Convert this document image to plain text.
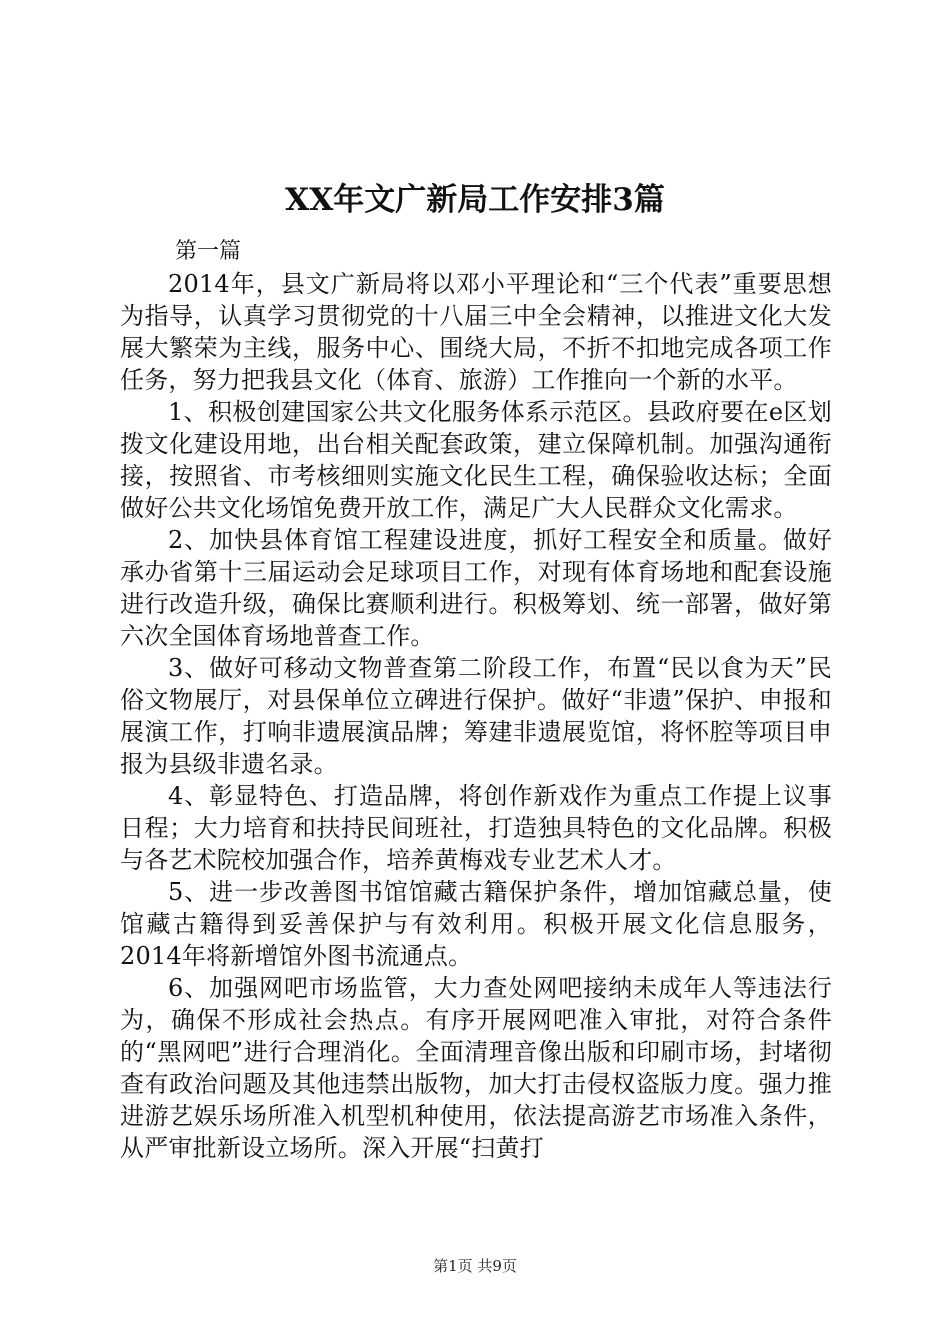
XX年文广新局工作安排3篇

第一篇

2014年，县文广新局将以邓小平理论和“三个代表”重要思想为指导，认真学习贯彻党的十八届三中全会精神，以推进文化大发展大繁荣为主线，服务中心、围绕大局，不折不扣地完成各项工作任务，努力把我县文化（体育、旅游）工作推向一个新的水平。

1、积极创建国家公共文化服务体系示范区。县政府要在e区划拨文化建设用地，出台相关配套政策，建立保障机制。加强沟通衔接，按照省、市考核细则实施文化民生工程，确保验收达标；全面做好公共文化场馆免费开放工作，满足广大人民群众文化需求。

2、加快县体育馆工程建设进度，抓好工程安全和质量。做好承办省第十三届运动会足球项目工作，对现有体育场地和配套设施进行改造升级，确保比赛顺利进行。积极筹划、统一部署，做好第六次全国体育场地普查工作。

3、做好可移动文物普查第二阶段工作，布置“民以食为天”民俗文物展厅，对县保单位立碑进行保护。做好“非遗”保护、申报和展演工作，打响非遗展演品牌；筹建非遗展览馆，将怀腔等项目申报为县级非遗名录。

4、彰显特色、打造品牌，将创作新戏作为重点工作提上议事日程；大力培育和扶持民间班社，打造独具特色的文化品牌。积极与各艺术院校加强合作，培养黄梅戏专业艺术人才。

5、进一步改善图书馆馆藏古籍保护条件，增加馆藏总量，使馆藏古籍得到妥善保护与有效利用。积极开展文化信息服务，2014年将新增馆外图书流通点。

6、加强网吧市场监管，大力查处网吧接纳未成年人等违法行为，确保不形成社会热点。有序开展网吧准入审批，对符合条件的“黑网吧”进行合理消化。全面清理音像出版和印刷市场，封堵彻查有政治问题及其他违禁出版物，加大打击侵权盗版力度。强力推进游艺娱乐场所准入机型机种使用，依法提高游艺市场准入条件，从严审批新设立场所。深入开展“扫黄打

第1页 共9页
